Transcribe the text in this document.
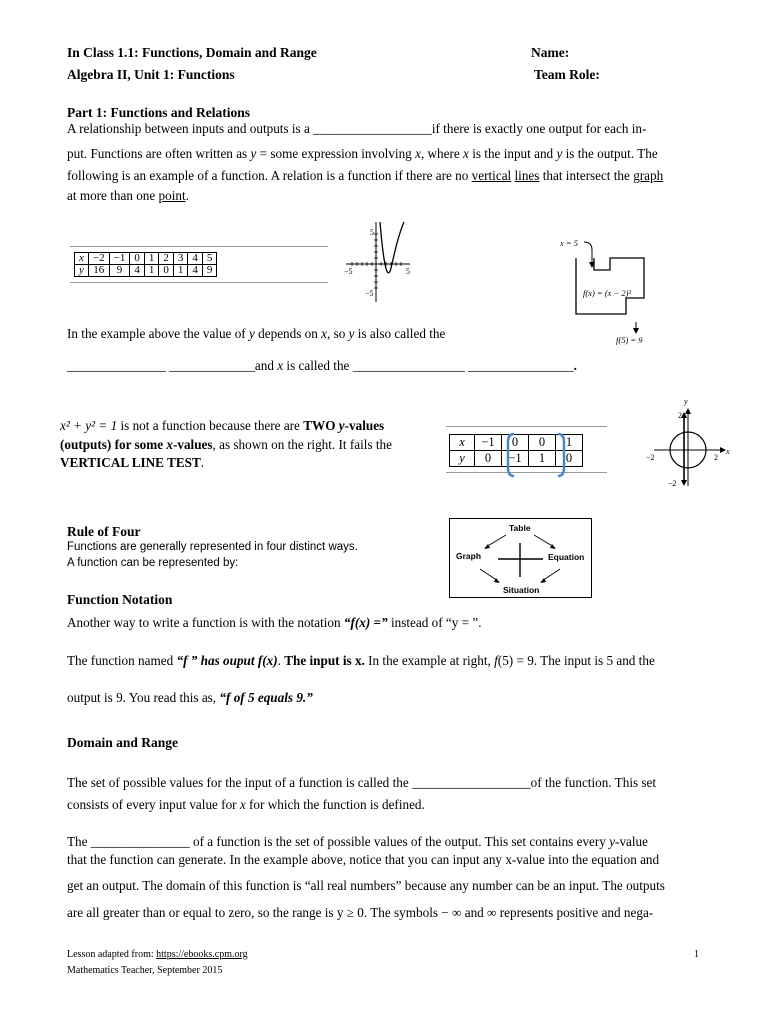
In Class 1.1: Functions, Domain and Range
Algebra II, Unit 1: Functions
Name:
Team Role:
Part 1: Functions and Relations
A relationship between inputs and outputs is a __________________if there is exactly one output for each in-
put. Functions are often written as y = some expression involving x, where x is the input and y is the output. The
following is an example of a function. A relation is a function if there are no vertical lines that intersect the graph
at more than one point.
x	−2	−1	0	1	2	3	4	5
y	16	9	4	1	0	1	4	9
5
−5
−5	5
x = 5
f(x) = (x − 2)²
f(5) = 9
In the example above the value of y depends on x, so y is also called the
_______________ _____________and x is called the _________________ ________________.
x² + y² = 1 is not a function because there are TWO y-values
(outputs) for some x-values, as shown on the right. It fails the
VERTICAL LINE TEST.
x	−1	0	0	1
y	0	−1	1	0
y
2
−2
−2	2
x
Rule of Four
Functions are generally represented in four distinct ways.
A function can be represented by:
Table
Graph	Equation
Situation
Function Notation
Another way to write a function is with the notation “f(x) =” instead of “y = ”.
The function named “f ” has ouput f(x). The input is x. In the example at right, f(5) = 9. The input is 5 and the
output is 9. You read this as, “f of 5 equals 9.”
Domain and Range
The set of possible values for the input of a function is called the __________________of the function. This set
consists of every input value for x for which the function is defined.
The _______________ of a function is the set of possible values of the output. This set contains every y-value
that the function can generate. In the example above, notice that you can input any x-value into the equation and
get an output. The domain of this function is “all real numbers” because any number can be an input. The outputs
are all greater than or equal to zero, so the range is y ≥ 0. The symbols − ∞ and ∞ represents positive and nega-
Lesson adapted from: https://ebooks.cpm.org
Mathematics Teacher, September 2015
1
